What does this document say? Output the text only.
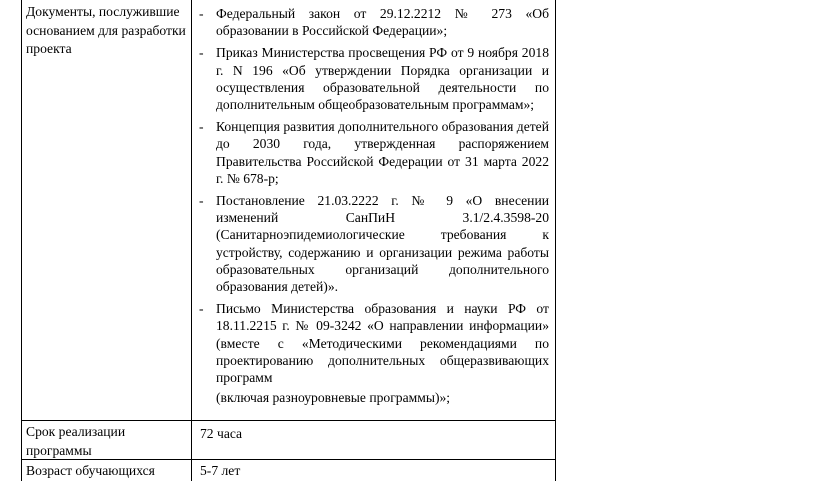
Документы, послужившие основанием для разработки проекта
- Федеральный закон от 29.12.2212 № 273 «Об образовании в Российской Федерации»;
- Приказ Министерства просвещения РФ от 9 ноября 2018 г. N 196 «Об утверждении Порядка организации и осуществления образовательной деятельности по дополнительным общеобразовательным программам»;
- Концепция развития дополнительного образования детей до 2030 года, утвержденная распоряжением Правительства Российской Федерации от 31 марта 2022 г. № 678-р;
- Постановление 21.03.2222 г. № 9 «О внесении изменений СанПиН 3.1/2.4.3598-20 (Санитарноэпидемиологические требования к устройству, содержанию и организации режима работы образовательных организаций дополнительного образования детей)».
- Письмо Министерства образования и науки РФ от 18.11.2215 г. № 09-3242 «О направлении информации» (вместе с «Методическими рекомендациями по проектированию дополнительных общеразвивающих программ
(включая разноуровневые программы)»;
Срок реализации программы
72 часа
Возраст обучающихся	5-7 лет
